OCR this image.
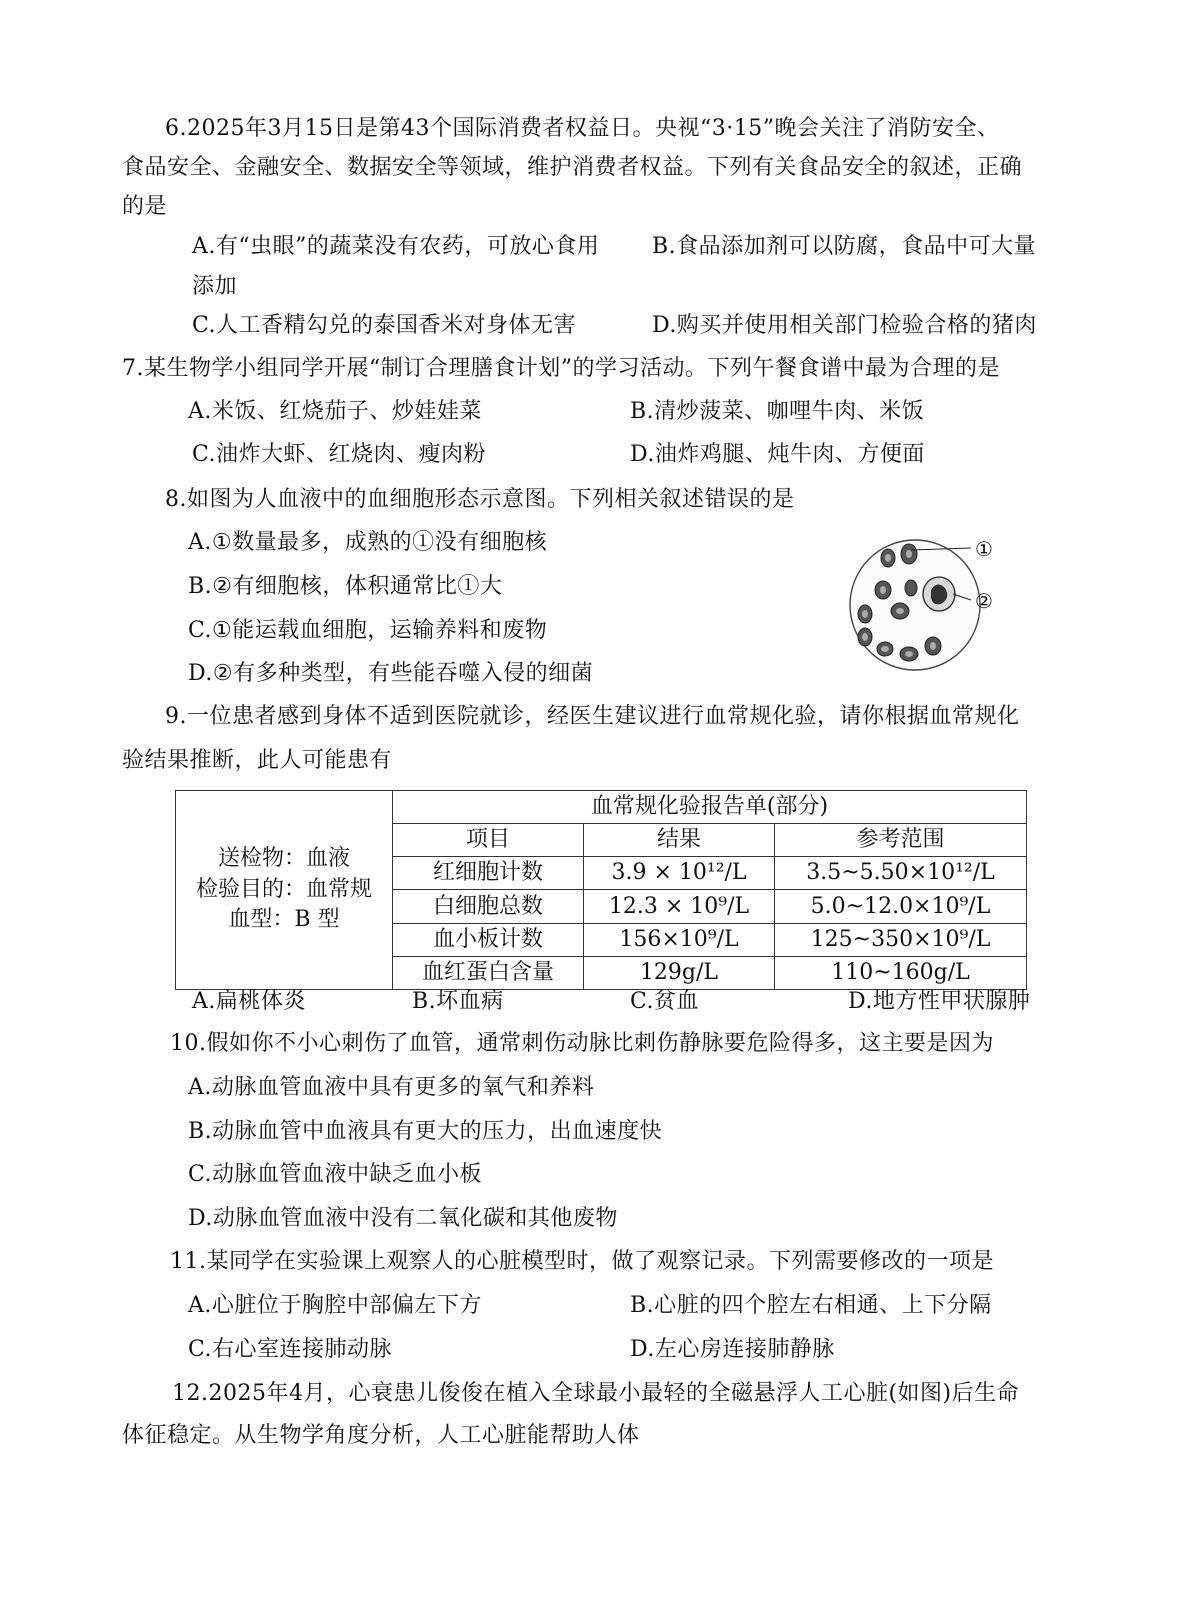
6.2025年3月15日是第43个国际消费者权益日。央视“3·15”晚会关注了消防安全、
食品安全、金融安全、数据安全等领域，维护消费者权益。下列有关食品安全的叙述，正确
的是
A.有“虫眼”的蔬菜没有农药，可放心食用 B.食品添加剂可以防腐，食品中可大量
添加
C.人工香精勾兑的泰国香米对身体无害	D.购买并使用相关部门检验合格的猪肉
7.某生物学小组同学开展“制订合理膳食计划”的学习活动。下列午餐食谱中最为合理的是
A.米饭、红烧茄子、炒娃娃菜	B.清炒菠菜、咖哩牛肉、米饭
C.油炸大虾、红烧肉、瘦肉粉	D.油炸鸡腿、炖牛肉、方便面
8.如图为人血液中的血细胞形态示意图。下列相关叙述错误的是
A.①数量最多，成熟的①没有细胞核
B.②有细胞核，体积通常比①大
C.①能运载血细胞，运输养料和废物
D.②有多种类型，有些能吞噬入侵的细菌
①
②
9.一位患者感到身体不适到医院就诊，经医生建议进行血常规化验，请你根据血常规化
验结果推断，此人可能患有
送检物：血液
检验目的：血常规
血型：B 型	血常规化验报告单(部分)		
	项目	结果	参考范围
	红细胞计数	3.9 × 10¹²/L	3.5~5.50×10¹²/L
	白细胞总数	12.3 × 10⁹/L	5.0~12.0×10⁹/L
	血小板计数	156×10⁹/L	125~350×10⁹/L
	血红蛋白含量	129g/L	110~160g/L
A.扁桃体炎	B.坏血病	C.贫血	D.地方性甲状腺肿
10.假如你不小心刺伤了血管，通常刺伤动脉比刺伤静脉要危险得多，这主要是因为
A.动脉血管血液中具有更多的氧气和养料
B.动脉血管中血液具有更大的压力，出血速度快
C.动脉血管血液中缺乏血小板
D.动脉血管血液中没有二氧化碳和其他废物
11.某同学在实验课上观察人的心脏模型时，做了观察记录。下列需要修改的一项是
A.心脏位于胸腔中部偏左下方	B.心脏的四个腔左右相通、上下分隔
C.右心室连接肺动脉	D.左心房连接肺静脉
12.2025年4月，心衰患儿俊俊在植入全球最小最轻的全磁悬浮人工心脏(如图)后生命
体征稳定。从生物学角度分析，人工心脏能帮助人体
